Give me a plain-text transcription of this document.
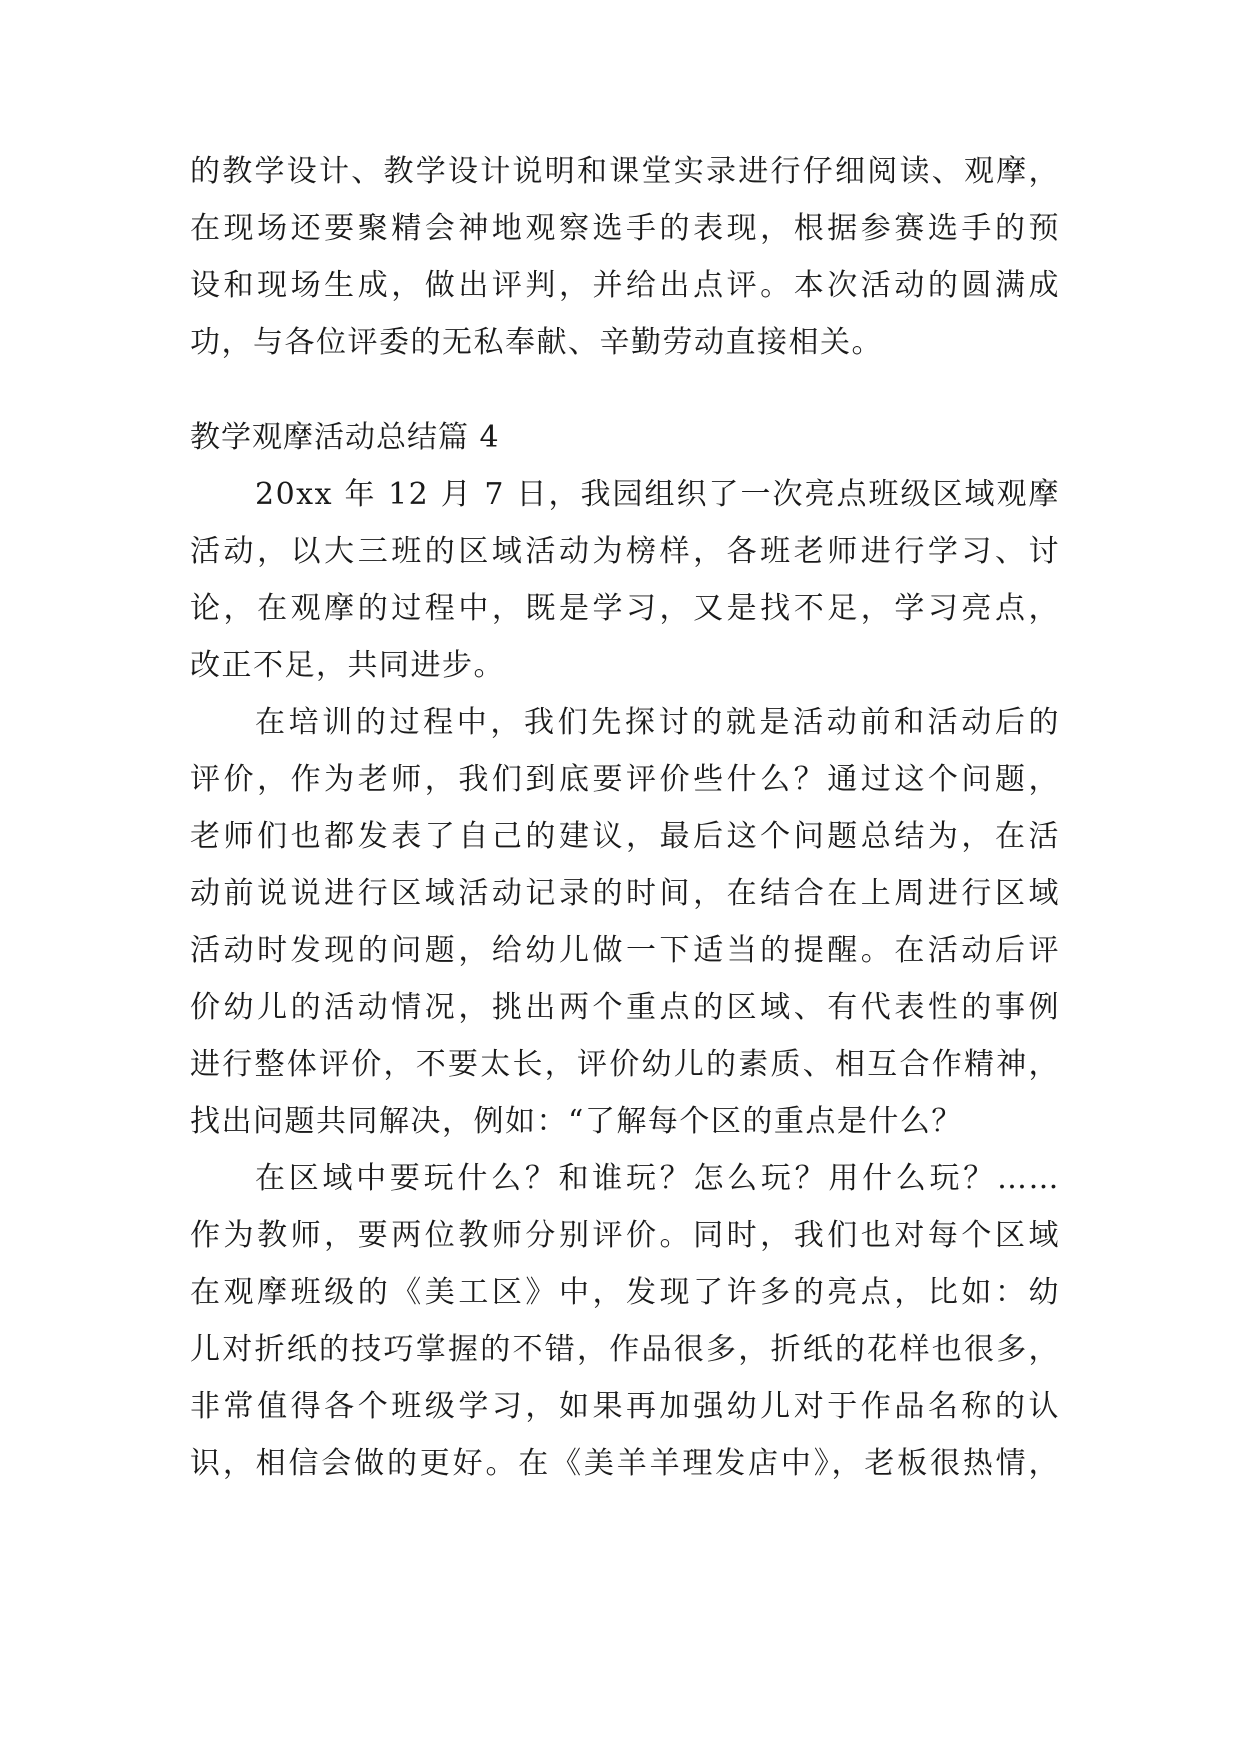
的教学设计、教学设计说明和课堂实录进行仔细阅读、观摩，
在现场还要聚精会神地观察选手的表现，根据参赛选手的预
设和现场生成，做出评判，并给出点评。本次活动的圆满成
功，与各位评委的无私奉献、辛勤劳动直接相关。
教学观摩活动总结篇 4
20xx 年 12 月 7 日，我园组织了一次亮点班级区域观摩
活动，以大三班的区域活动为榜样，各班老师进行学习、讨
论，在观摩的过程中，既是学习，又是找不足，学习亮点，
改正不足，共同进步。
在培训的过程中，我们先探讨的就是活动前和活动后的
评价，作为老师，我们到底要评价些什么？通过这个问题，
老师们也都发表了自己的建议，最后这个问题总结为，在活
动前说说进行区域活动记录的时间，在结合在上周进行区域
活动时发现的问题，给幼儿做一下适当的提醒。在活动后评
价幼儿的活动情况，挑出两个重点的区域、有代表性的事例
进行整体评价，不要太长，评价幼儿的素质、相互合作精神，
找出问题共同解决，例如：“了解每个区的重点是什么？
在区域中要玩什么？和谁玩？怎么玩？用什么玩？……
作为教师，要两位教师分别评价。同时，我们也对每个区域
在观摩班级的《美工区》中，发现了许多的亮点，比如：幼
儿对折纸的技巧掌握的不错，作品很多，折纸的花样也很多，
非常值得各个班级学习，如果再加强幼儿对于作品名称的认
识，相信会做的更好。在《美羊羊理发店中》，老板很热情，
